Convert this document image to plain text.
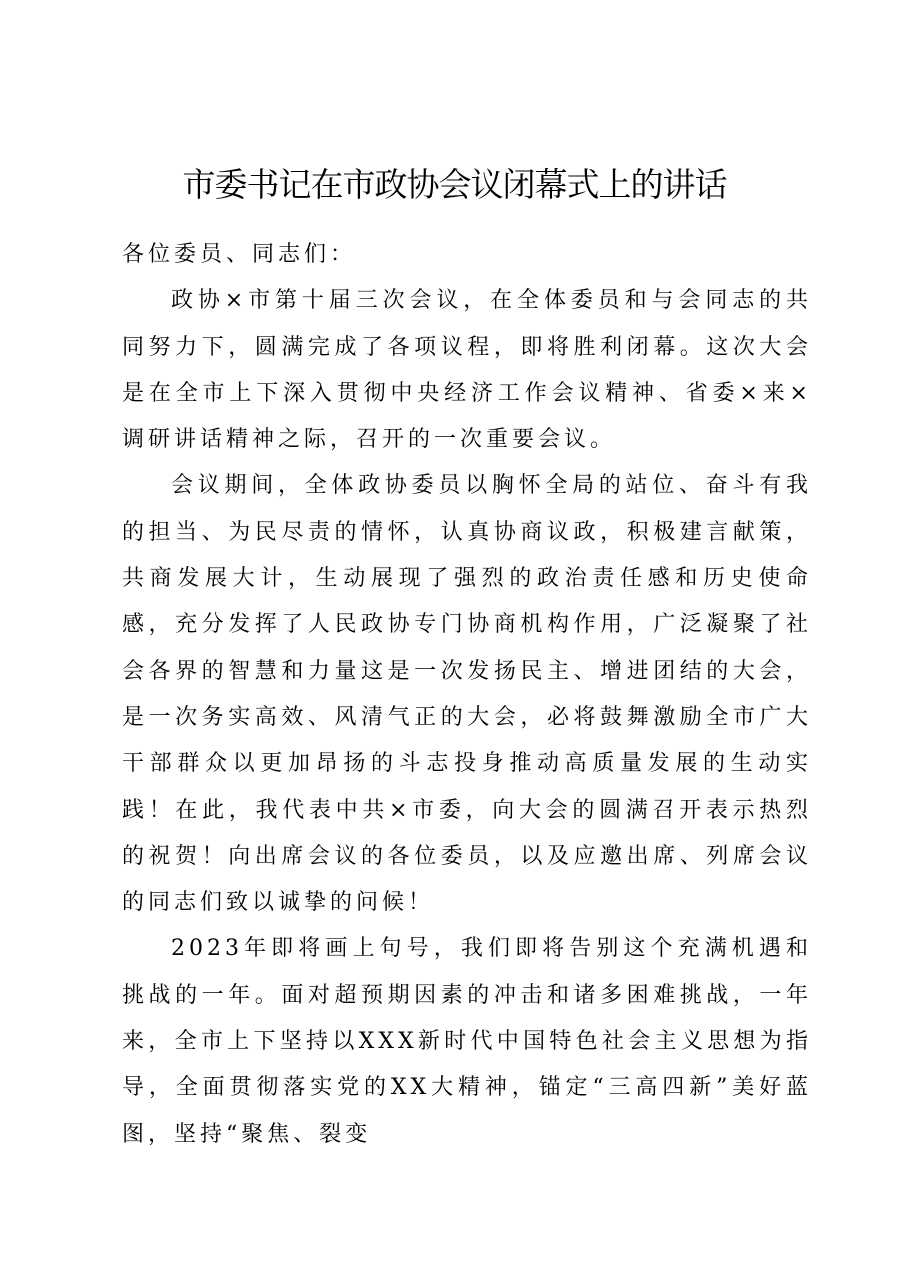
市委书记在市政协会议闭幕式上的讲话

各位委员、同志们：

政协×市第十届三次会议，在全体委员和与会同志的共同努力下，圆满完成了各项议程，即将胜利闭幕。这次大会是在全市上下深入贯彻中央经济工作会议精神、省委×来×调研讲话精神之际，召开的一次重要会议。

会议期间，全体政协委员以胸怀全局的站位、奋斗有我的担当、为民尽责的情怀，认真协商议政，积极建言献策，共商发展大计，生动展现了强烈的政治责任感和历史使命感，充分发挥了人民政协专门协商机构作用，广泛凝聚了社会各界的智慧和力量这是一次发扬民主、增进团结的大会，是一次务实高效、风清气正的大会，必将鼓舞激励全市广大干部群众以更加昂扬的斗志投身推动高质量发展的生动实践！在此，我代表中共×市委，向大会的圆满召开表示热烈的祝贺！向出席会议的各位委员，以及应邀出席、列席会议的同志们致以诚挚的问候！

2023年即将画上句号，我们即将告别这个充满机遇和挑战的一年。面对超预期因素的冲击和诸多困难挑战，一年来，全市上下坚持以XXX新时代中国特色社会主义思想为指导，全面贯彻落实党的XX大精神，锚定“三高四新”美好蓝图，坚持“聚焦、裂变
